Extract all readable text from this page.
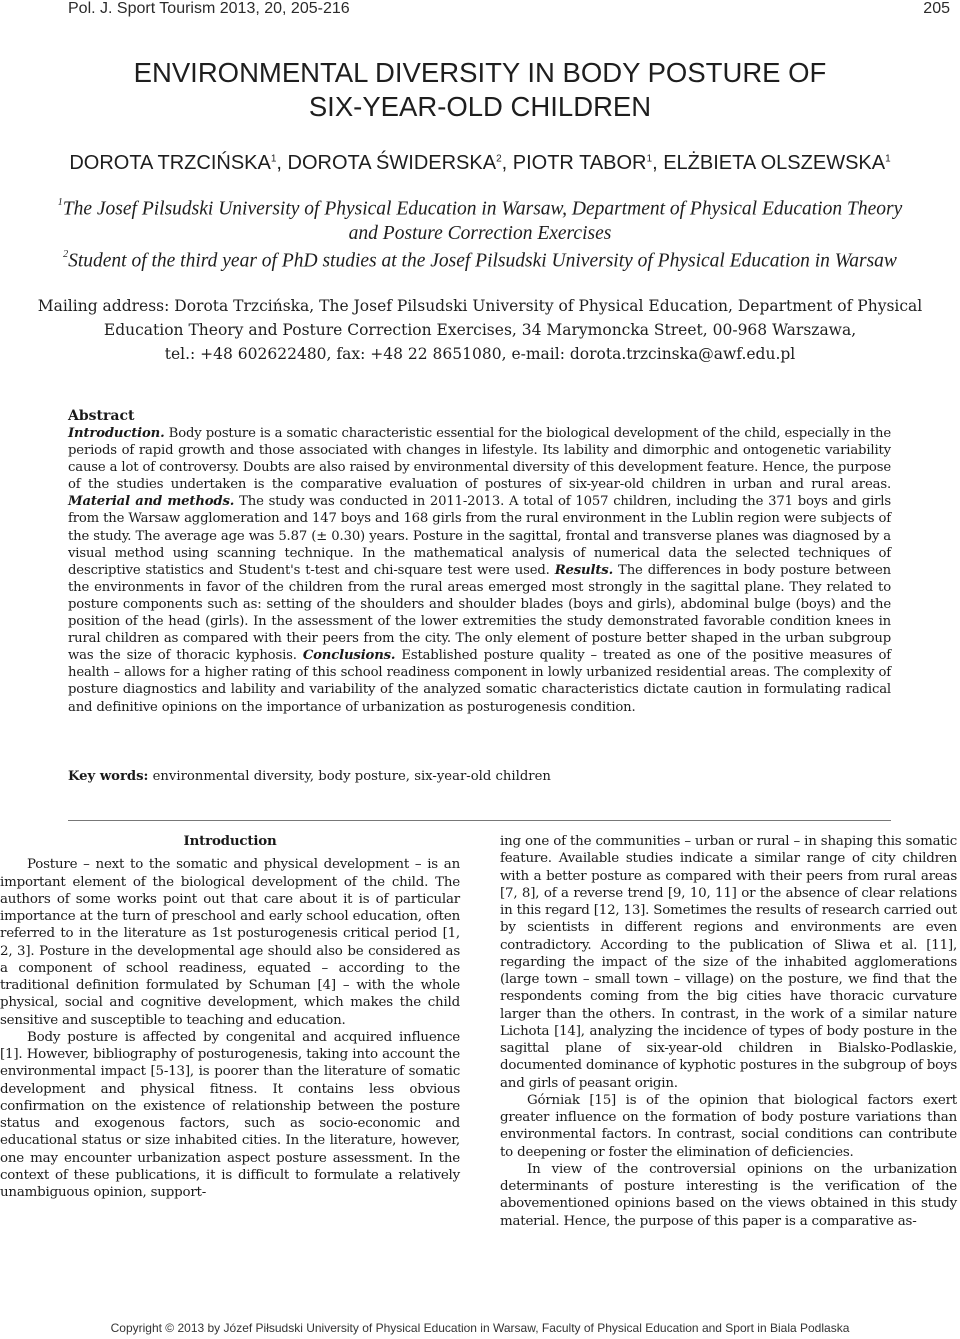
Pol. J. Sport Tourism 2013, 20, 205-216	205
ENVIRONMENTAL DIVERSITY IN BODY POSTURE OF
SIX-YEAR-OLD CHILDREN
DOROTA TRZCIŃSKA$^1$, DOROTA ŚWIDERSKA$^2$, PIOTR TABOR$^1$, ELŻBIETA OLSZEWSKA$^1$
$^1$The Josef Pilsudski University of Physical Education in Warsaw, Department of Physical Education Theory
and Posture Correction Exercises
$^2$Student of the third year of PhD studies at the Josef Pilsudski University of Physical Education in Warsaw
Mailing address: Dorota Trzcińska, The Josef Pilsudski University of Physical Education, Department of Physical
Education Theory and Posture Correction Exercises, 34 Marymoncka Street, 00-968 Warszawa,
tel.: +48 602622480, fax: +48 22 8651080, e-mail: dorota.trzcinska@awf.edu.pl
Abstract
Introduction. Body posture is a somatic characteristic essential for the biological development of the child, especially in the periods of rapid growth and those associated with changes in lifestyle. Its lability and dimorphic and ontogenetic variability cause a lot of controversy. Doubts are also raised by environmental diversity of this development feature. Hence, the purpose of the studies undertaken is the comparative evaluation of postures of six-year-old children in urban and rural areas. Material and methods. The study was conducted in 2011-2013. A total of 1057 children, including the 371 boys and girls from the Warsaw agglomeration and 147 boys and 168 girls from the rural environment in the Lublin region were subjects of the study. The average age was 5.87 (± 0.30) years. Posture in the sagittal, frontal and transverse planes was diagnosed by a visual method using scanning technique. In the mathematical analysis of numerical data the selected techniques of descriptive statistics and Student's t-test and chi-square test were used. Results. The differences in body posture between the environments in favor of the children from the rural areas emerged most strongly in the sagittal plane. They related to posture components such as: setting of the shoulders and shoulder blades (boys and girls), abdominal bulge (boys) and the position of the head (girls). In the assessment of the lower extremities the study demonstrated favorable condition knees in rural children as compared with their peers from the city. The only element of posture better shaped in the urban subgroup was the size of thoracic kyphosis. Conclusions. Established posture quality – treated as one of the positive measures of health – allows for a higher rating of this school readiness component in lowly urbanized residential areas. The complexity of posture diagnostics and lability and variability of the analyzed somatic characteristics dictate caution in formulating radical and definitive opinions on the importance of urbanization as posturogenesis condition.
Key words: environmental diversity, body posture, six-year-old children
Introduction

Posture – next to the somatic and physical development – is an important element of the biological development of the child. The authors of some works point out that care about it is of particular importance at the turn of preschool and early school education, often referred to in the literature as 1st posturogenesis critical period [1, 2, 3]. Posture in the developmental age should also be considered as a component of school readiness, equated – according to the traditional definition formulated by Schuman [4] – with the whole physical, social and cognitive development, which makes the child sensitive and susceptible to teaching and education.

Body posture is affected by congenital and acquired influence [1]. However, bibliography of posturogenesis, taking into account the environmental impact [5-13], is poorer than the literature of somatic development and physical fitness. It contains less obvious confirmation on the existence of relationship between the posture status and exogenous factors, such as socio-economic and educational status or size inhabited cities. In the literature, however, one may encounter urbanization aspect posture assessment. In the context of these publications, it is difficult to formulate a relatively unambiguous opinion, support-

ing one of the communities – urban or rural – in shaping this somatic feature. Available studies indicate a similar range of city children with a better posture as compared with their peers from rural areas [7, 8], of a reverse trend [9, 10, 11] or the absence of clear relations in this regard [12, 13]. Sometimes the results of research carried out by scientists in different regions and environments are even contradictory. According to the publication of Sliwa et al. [11], regarding the impact of the size of the inhabited agglomerations (large town – small town – village) on the posture, we find that the respondents coming from the big cities have thoracic curvature larger than the others. In contrast, in the work of a similar nature Lichota [14], analyzing the incidence of types of body posture in the sagittal plane of six-year-old children in Bialsko-Podlaskie, documented dominance of kyphotic postures in the subgroup of boys and girls of peasant origin.

Górniak [15] is of the opinion that biological factors exert greater influence on the formation of body posture variations than environmental factors. In contrast, social conditions can contribute to deepening or foster the elimination of deficiencies.

In view of the controversial opinions on the urbanization determinants of posture interesting is the verification of the abovementioned opinions based on the views obtained in this study material. Hence, the purpose of this paper is a comparative as-

Copyright © 2013 by Józef Piłsudski University of Physical Education in Warsaw, Faculty of Physical Education and Sport in Biala Podlaska
